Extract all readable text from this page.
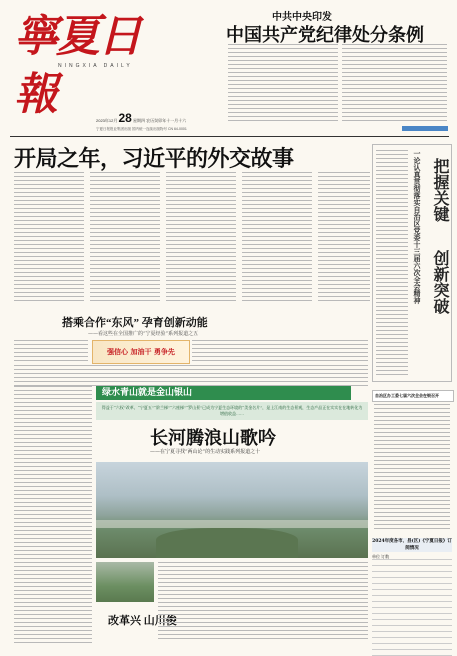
寧夏日報
NINGXIA DAILY
2023年12月 28 星期四 农历癸卯年十一月十六
宁夏日报报业集团出版 国内统一连续出版物号 CN 64-0001
中共中央印发
中国共产党纪律处分条例
开局之年，习近平的外交故事	把握关键
创新突破
一论认真贯彻落实自治区党委十三届六次全会精神
搭乘合作“东风” 孕育创新动能
——看这些在全国推广的“宁夏经验”系列报道之五
强信心 加油干 勇争先
绿水青山就是金山银山
得益于“六权”改革、“宁夏五”“阶兰梯”“六座梯”“罗山景”已成为宁夏生态环境的“美金名片”，是上江南的生态景观，生态产品正在实实在在地转化为增值收益……
长河腾浪山歌吟
——在宁夏寻找“两山论”的生动实践系列报道之十
改革兴 山川俊
自治区办工委七届六次全会在银召开
2024年度各市、县(区)《宁夏日报》订阅情况
单位 订数
